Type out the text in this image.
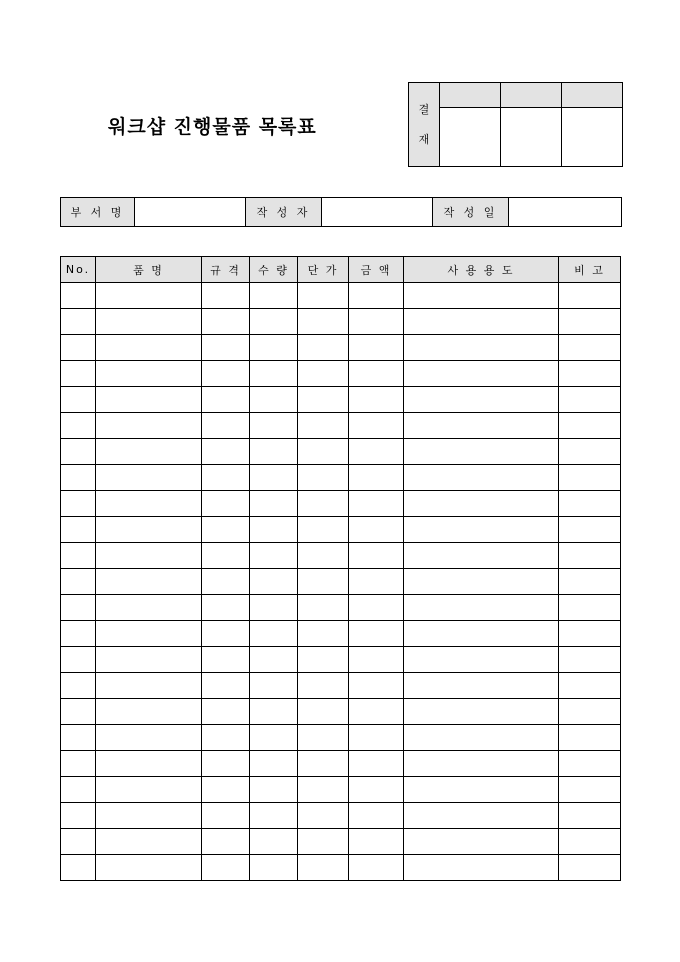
워크샵 진행물품 목록표
결
재			

부 서 명		작 성 자		작 성 일	
No.	품 명	규 격	수 량	단 가	금 액	사 용 용 도	비 고
